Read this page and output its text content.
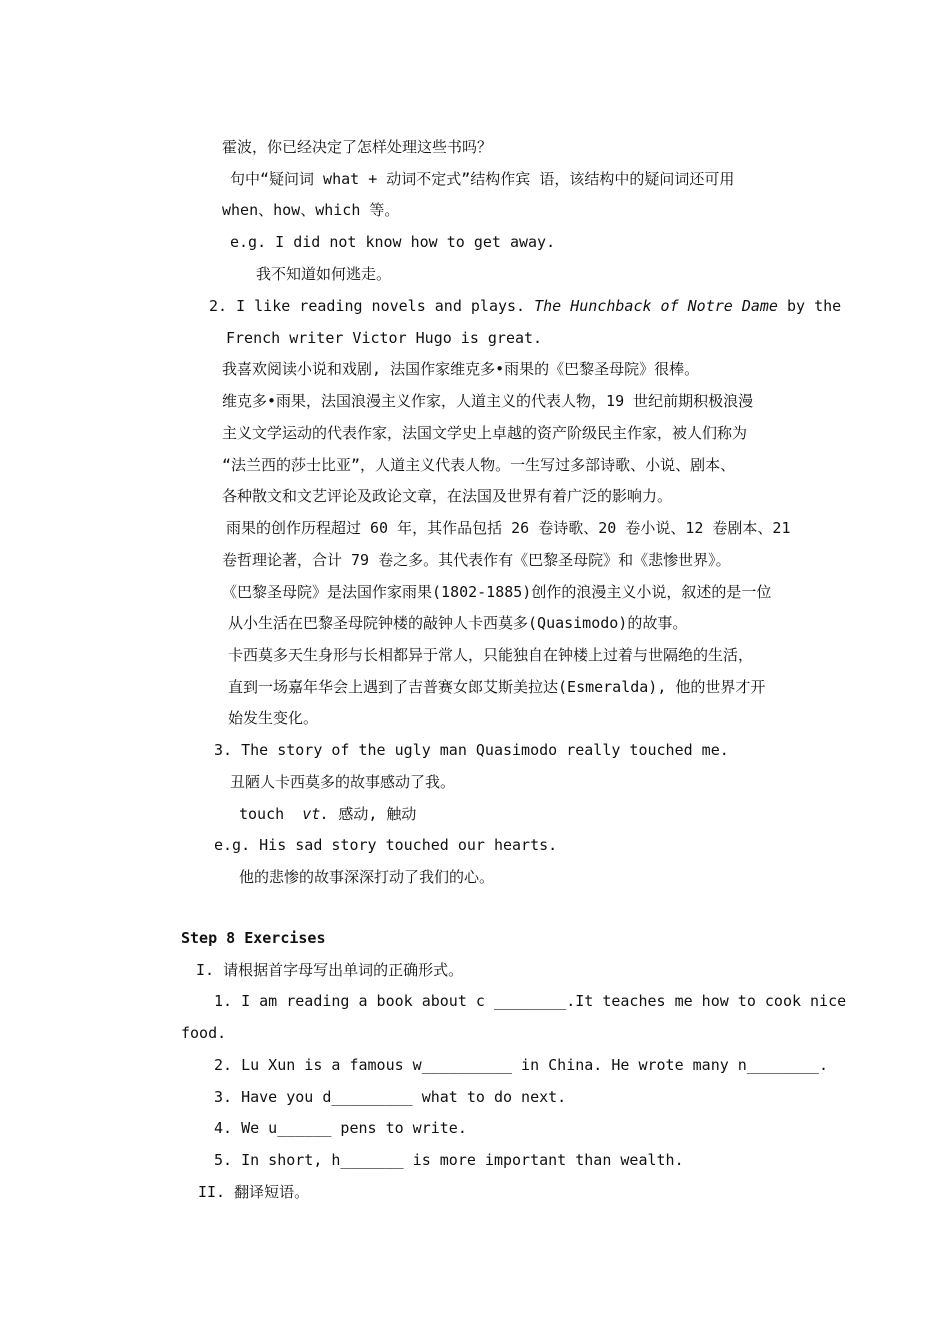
霍波，你已经决定了怎样处理这些书吗？
句中“疑问词 what + 动词不定式”结构作宾 语，该结构中的疑问词还可用
when、how、which 等。
e.g. I did not know how to get away.
我不知道如何逃走。
2. I like reading novels and plays. The Hunchback of Notre Dame by the
French writer Victor Hugo is great.
我喜欢阅读小说和戏剧, 法国作家维克多•雨果的《巴黎圣母院》很棒。
维克多•雨果，法国浪漫主义作家，人道主义的代表人物，19 世纪前期积极浪漫
主义文学运动的代表作家，法国文学史上卓越的资产阶级民主作家，被人们称为
“法兰西的莎士比亚”，人道主义代表人物。一生写过多部诗歌、小说、剧本、
各种散文和文艺评论及政论文章，在法国及世界有着广泛的影响力。
雨果的创作历程超过 60 年，其作品包括 26 卷诗歌、20 卷小说、12 卷剧本、21
卷哲理论著，合计 79 卷之多。其代表作有《巴黎圣母院》和《悲惨世界》。
《巴黎圣母院》是法国作家雨果(1802-1885)创作的浪漫主义小说，叙述的是一位
从小生活在巴黎圣母院钟楼的敲钟人卡西莫多(Quasimodo)的故事。
卡西莫多天生身形与长相都异于常人，只能独自在钟楼上过着与世隔绝的生活，
直到一场嘉年华会上遇到了吉普赛女郎艾斯美拉达(Esmeralda), 他的世界才开
始发生变化。
3. The story of the ugly man Quasimodo really touched me.
丑陋人卡西莫多的故事感动了我。
touch  vt. 感动, 触动
e.g. His sad story touched our hearts.
他的悲惨的故事深深打动了我们的心。
Step 8 Exercises
I. 请根据首字母写出单词的正确形式。
1. I am reading a book about c ________.It teaches me how to cook nice
food.
2. Lu Xun is a famous w__________ in China. He wrote many n________.
3. Have you d_________ what to do next.
4. We u______ pens to write.
5. In short, h_______ is more important than wealth.
II. 翻译短语。
